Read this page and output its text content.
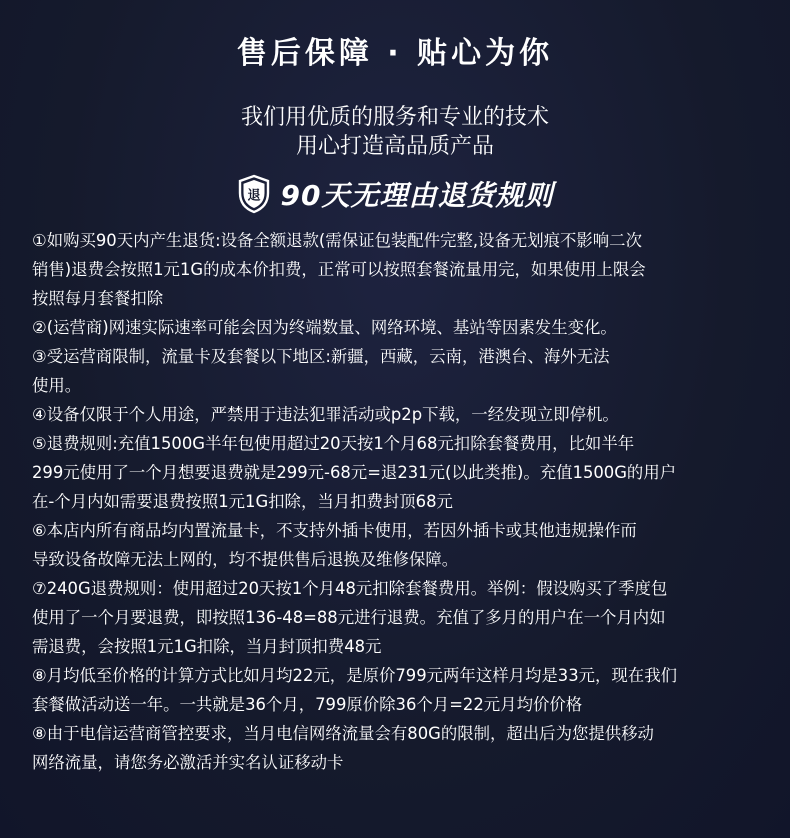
售后保障 · 贴心为你
我们用优质的服务和专业的技术
用心打造高品质产品
退 90天无理由退货规则
①如购买90天内产生退货:设备全额退款(需保证包装配件完整,设备无划痕不影响二次
销售)退费会按照1元1G的成本价扣费，正常可以按照套餐流量用完，如果使用上限会
按照每月套餐扣除
②(运营商)网速实际速率可能会因为终端数量、网络环境、基站等因素发生变化。
③受运营商限制，流量卡及套餐以下地区:新疆，西藏，云南，港澳台、海外无法
使用。
④设备仅限于个人用途，严禁用于违法犯罪活动或p2p下载，一经发现立即停机。
⑤退费规则:充值1500G半年包使用超过20天按1个月68元扣除套餐费用，比如半年
299元使用了一个月想要退费就是299元-68元=退231元(以此类推)。充值1500G的用户
在-个月内如需要退费按照1元1G扣除，当月扣费封顶68元
⑥本店内所有商品均内置流量卡，不支持外插卡使用，若因外插卡或其他违规操作而
导致设备故障无法上网的，均不提供售后退换及维修保障。
⑦240G退费规则：使用超过20天按1个月48元扣除套餐费用。举例：假设购买了季度包
使用了一个月要退费，即按照136-48=88元进行退费。充值了多月的用户在一个月内如
需退费，会按照1元1G扣除，当月封顶扣费48元
⑧月均低至价格的计算方式比如月均22元，是原价799元两年这样月均是33元，现在我们
套餐做活动送一年。一共就是36个月，799原价除36个月=22元月均价价格
⑧由于电信运营商管控要求，当月电信网络流量会有80G的限制，超出后为您提供移动
网络流量，请您务必激活并实名认证移动卡
